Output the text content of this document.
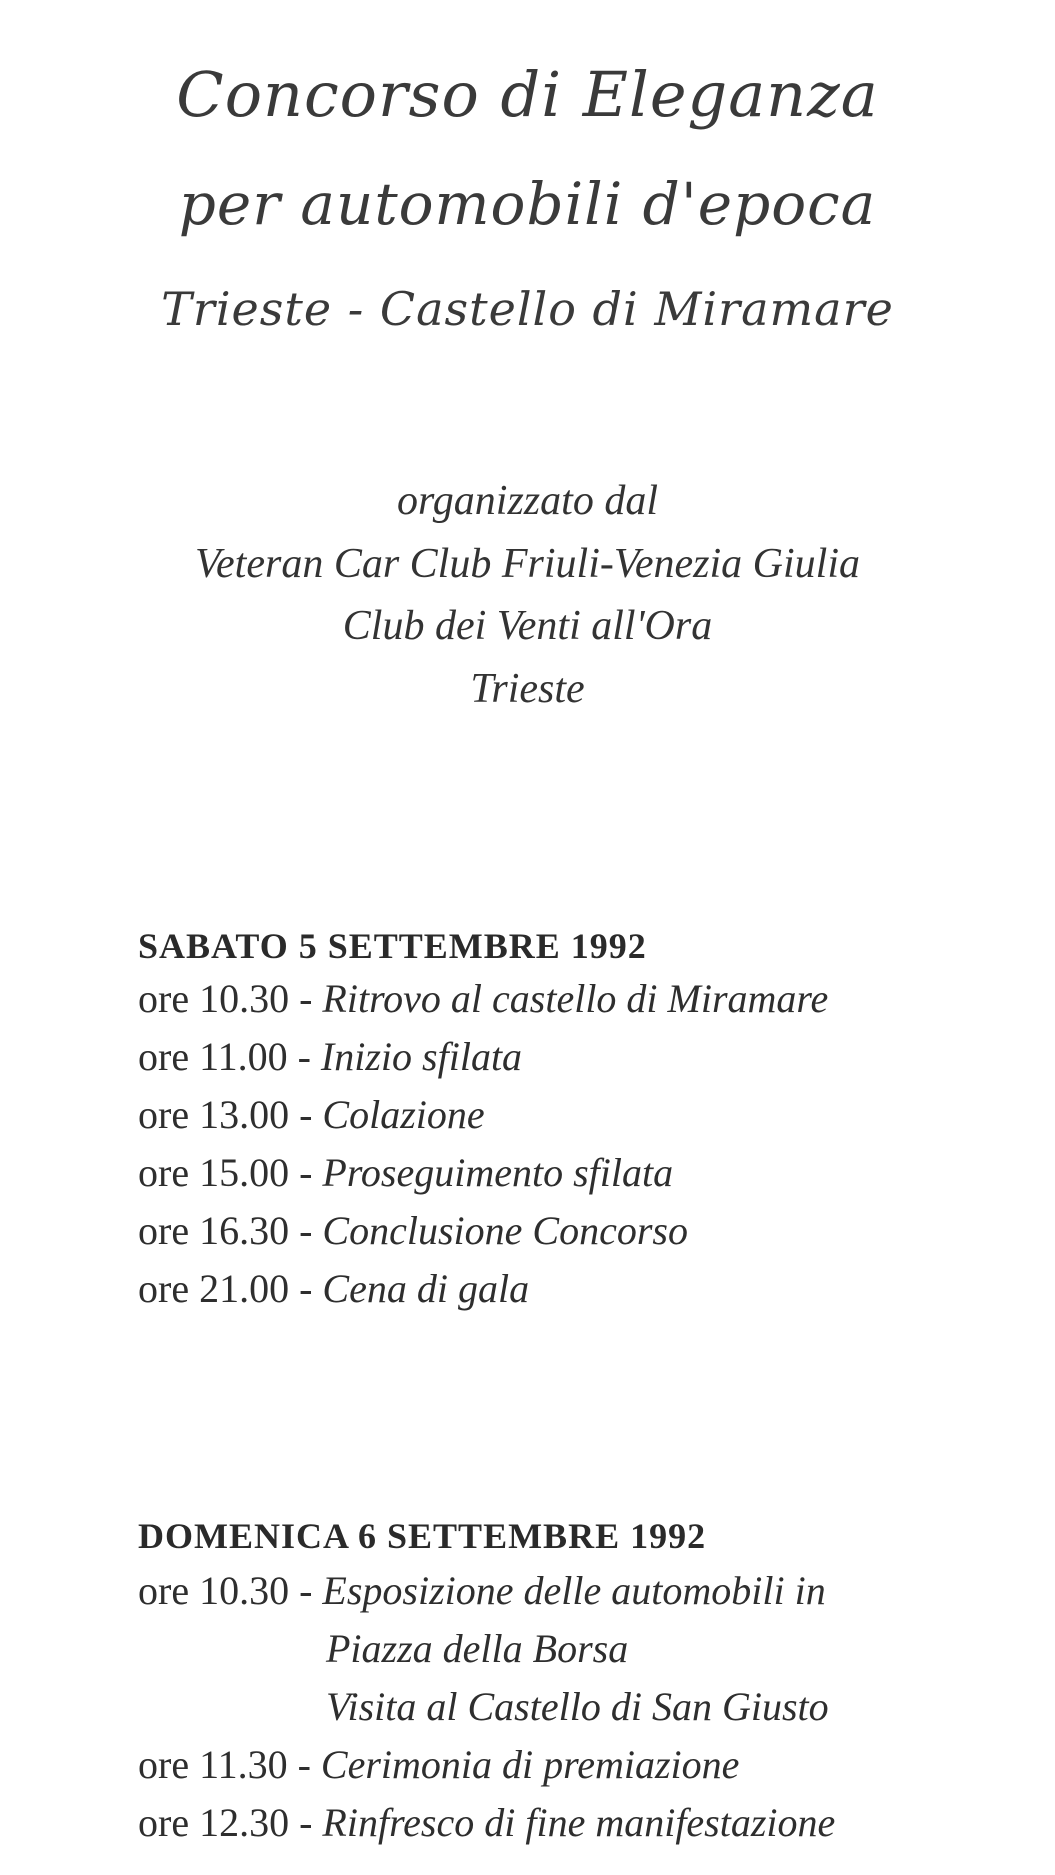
Concorso di Eleganza
per automobili d'epoca
Trieste - Castello di Miramare
organizzato dal
Veteran Car Club Friuli-Venezia Giulia
Club dei Venti all'Ora
Trieste
SABATO 5 SETTEMBRE 1992
ore 10.30 - Ritrovo al castello di Miramare
ore 11.00 - Inizio sfilata
ore 13.00 - Colazione
ore 15.00 - Proseguimento sfilata
ore 16.30 - Conclusione Concorso
ore 21.00 - Cena di gala
DOMENICA 6 SETTEMBRE 1992
ore 10.30 - Esposizione delle automobili in
Piazza della Borsa
Visita al Castello di San Giusto
ore 11.30 - Cerimonia di premiazione
ore 12.30 - Rinfresco di fine manifestazione
